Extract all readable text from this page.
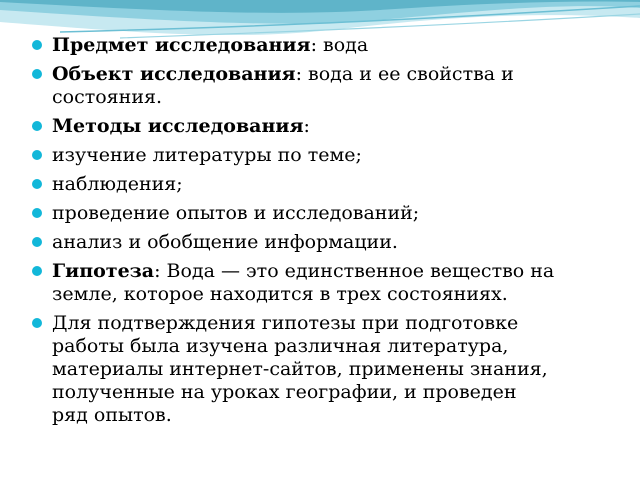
Предмет исследования: вода
Объект исследования: вода и ее свойства и
состояния.
Методы исследования:
изучение литературы по теме;
наблюдения;
проведение опытов и исследований;
анализ и обобщение информации.
Гипотеза: Вода — это единственное вещество на
земле, которое находится в трех состояниях.
Для подтверждения гипотезы при подготовке
работы была изучена различная литература,
материалы интернет-сайтов, применены знания,
полученные на уроках географии, и проведен
ряд опытов.
